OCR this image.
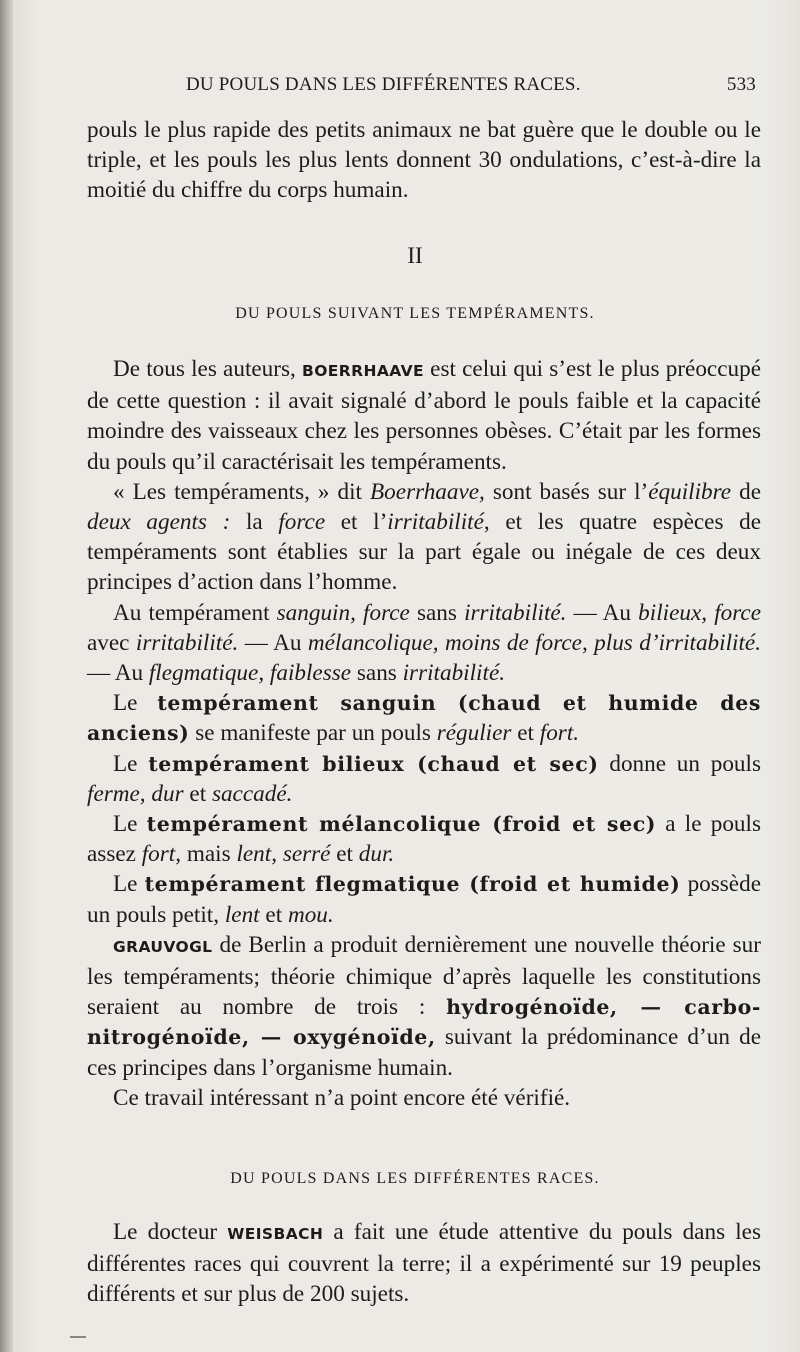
DU POULS DANS LES DIFFÉRENTES RACES.	533

pouls le plus rapide des petits animaux ne bat guère que le double ou le triple, et les pouls les plus lents donnent 30 ondulations, c’est-à-dire la moitié du chiffre du corps humain.

II
DU POULS SUIVANT LES TEMPÉRAMENTS.

De tous les auteurs, BOERRHAAVE est celui qui s’est le plus préoccupé de cette question : il avait signalé d’abord le pouls faible et la capacité moindre des vaisseaux chez les personnes obèses. C’était par les formes du pouls qu’il caractérisait les tempéraments.

« Les tempéraments, » dit Boerrhaave, sont basés sur l’équilibre de deux agents : la force et l’irritabilité, et les quatre espèces de tempéraments sont établies sur la part égale ou inégale de ces deux principes d’action dans l’homme.

Au tempérament sanguin, force sans irritabilité. — Au bilieux, force avec irritabilité. — Au mélancolique, moins de force, plus d’irritabilité. — Au flegmatique, faiblesse sans irritabilité.

Le tempérament sanguin (chaud et humide des anciens) se manifeste par un pouls régulier et fort.

Le tempérament bilieux (chaud et sec) donne un pouls ferme, dur et saccadé.

Le tempérament mélancolique (froid et sec) a le pouls assez fort, mais lent, serré et dur.

Le tempérament flegmatique (froid et humide) possède un pouls petit, lent et mou.

GRAUVOGL de Berlin a produit dernièrement une nouvelle théorie sur les tempéraments; théorie chimique d’après laquelle les constitutions seraient au nombre de trois : hydrogénoïde, — carbo-nitrogénoïde, — oxygénoïde, suivant la prédominance d’un de ces principes dans l’organisme humain.

Ce travail intéressant n’a point encore été vérifié.

DU POULS DANS LES DIFFÉRENTES RACES.

Le docteur WEISBACH a fait une étude attentive du pouls dans les différentes races qui couvrent la terre; il a expérimenté sur 19 peuples différents et sur plus de 200 sujets.
